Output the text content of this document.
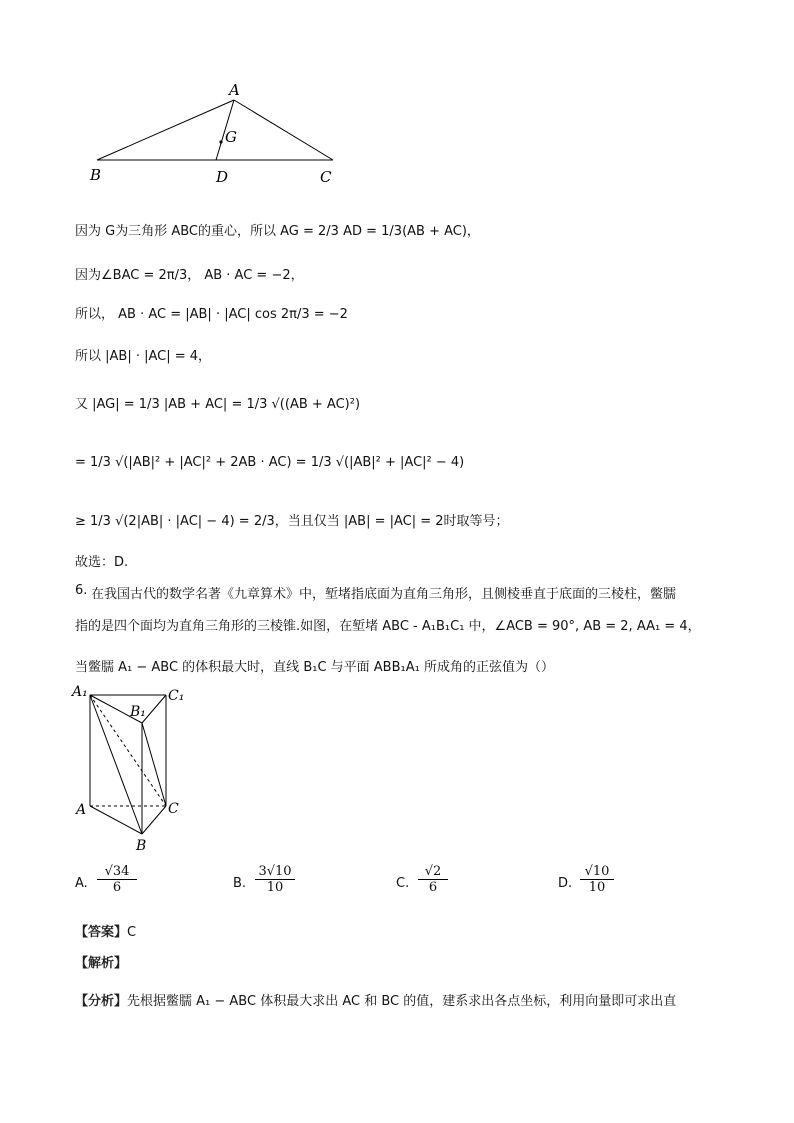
A
G
B	D	C
因为 G为三角形 ABC的重心，所以 AG = 2/3 AD = 1/3(AB + AC)，
因为∠BAC = 2π/3， AB · AC = −2，
所以， AB · AC = |AB| · |AC| cos 2π/3 = −2
所以 |AB| · |AC| = 4，
又 |AG| = 1/3 |AB + AC| = 1/3 √((AB + AC)²)
= 1/3 √(|AB|² + |AC|² + 2AB · AC) = 1/3 √(|AB|² + |AC|² − 4)
≥ 1/3 √(2|AB| · |AC| − 4) = 2/3，当且仅当 |AB| = |AC| = 2时取等号；
故选：D.
6. 在我国古代的数学名著《九章算术》中，堑堵指底面为直角三角形，且侧棱垂直于底面的三棱柱，鳖臑
指的是四个面均为直角三角形的三棱锥.如图，在堑堵 ABC - A₁B₁C₁ 中，∠ACB = 90°, AB = 2, AA₁ = 4，
当鳖臑 A₁ − ABC 的体积最大时，直线 B₁C 与平面 ABB₁A₁ 所成角的正弦值为（）
A₁	C₁
B₁
A	C
B
A. $\frac{√34}{6}$	B. $\frac{3√10}{10}$	C. $\frac{√2}{6}$	D. $\frac{√10}{10}$
【答案】C
【解析】
【分析】先根据鳖臑 A₁ − ABC 体积最大求出 AC 和 BC 的值，建系求出各点坐标，利用向量即可求出直
